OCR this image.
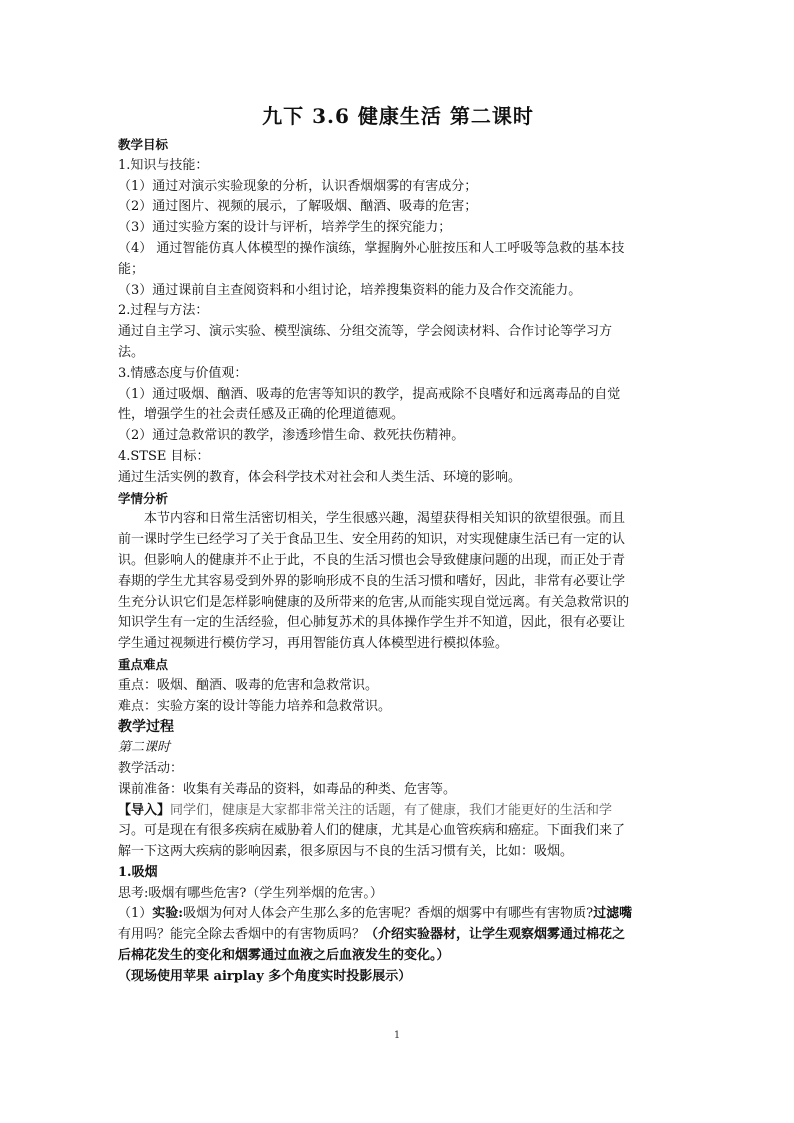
九下 3.6 健康生活 第二课时

教学目标

1.知识与技能：

（1）通过对演示实验现象的分析，认识香烟烟雾的有害成分；

（2）通过图片、视频的展示，了解吸烟、酗酒、吸毒的危害；

（3）通过实验方案的设计与评析，培养学生的探究能力；

（4） 通过智能仿真人体模型的操作演练，掌握胸外心脏按压和人工呼吸等急救的基本技

能；

（3）通过课前自主查阅资料和小组讨论，培养搜集资料的能力及合作交流能力。

2.过程与方法：

通过自主学习、演示实验、模型演练、分组交流等，学会阅读材料、合作讨论等学习方

法。

3.情感态度与价值观：

（1）通过吸烟、酗酒、吸毒的危害等知识的教学，提高戒除不良嗜好和远离毒品的自觉

性，增强学生的社会责任感及正确的伦理道德观。

（2）通过急救常识的教学，渗透珍惜生命、救死扶伤精神。

4.STSE 目标：

通过生活实例的教育，体会科学技术对社会和人类生活、环境的影响。

学情分析

本节内容和日常生活密切相关，学生很感兴趣，渴望获得相关知识的欲望很强。而且

前一课时学生已经学习了关于食品卫生、安全用药的知识，对实现健康生活已有一定的认

识。但影响人的健康并不止于此，不良的生活习惯也会导致健康问题的出现，而正处于青

春期的学生尤其容易受到外界的影响形成不良的生活习惯和嗜好，因此，非常有必要让学

生充分认识它们是怎样影响健康的及所带来的危害,从而能实现自觉远离。有关急救常识的

知识学生有一定的生活经验，但心肺复苏术的具体操作学生并不知道，因此，很有必要让

学生通过视频进行模仿学习，再用智能仿真人体模型进行模拟体验。

重点难点

重点：吸烟、酗酒、吸毒的危害和急救常识。

难点：实验方案的设计等能力培养和急救常识。

教学过程

第二课时

教学活动：

课前准备：收集有关毒品的资料，如毒品的种类、危害等。

【导入】同学们，健康是大家都非常关注的话题，有了健康，我们才能更好的生活和学

习。可是现在有很多疾病在威胁着人们的健康，尤其是心血管疾病和癌症。下面我们来了

解一下这两大疾病的影响因素，很多原因与不良的生活习惯有关，比如：吸烟。

1.吸烟

思考:吸烟有哪些危害?（学生列举烟的危害。）

（1）实验:吸烟为何对人体会产生那么多的危害呢？香烟的烟雾中有哪些有害物质?过滤嘴

有用吗？能完全除去香烟中的有害物质吗？（介绍实验器材，让学生观察烟雾通过棉花之

后棉花发生的变化和烟雾通过血液之后血液发生的变化。）

（现场使用苹果 airplay 多个角度实时投影展示）

1
